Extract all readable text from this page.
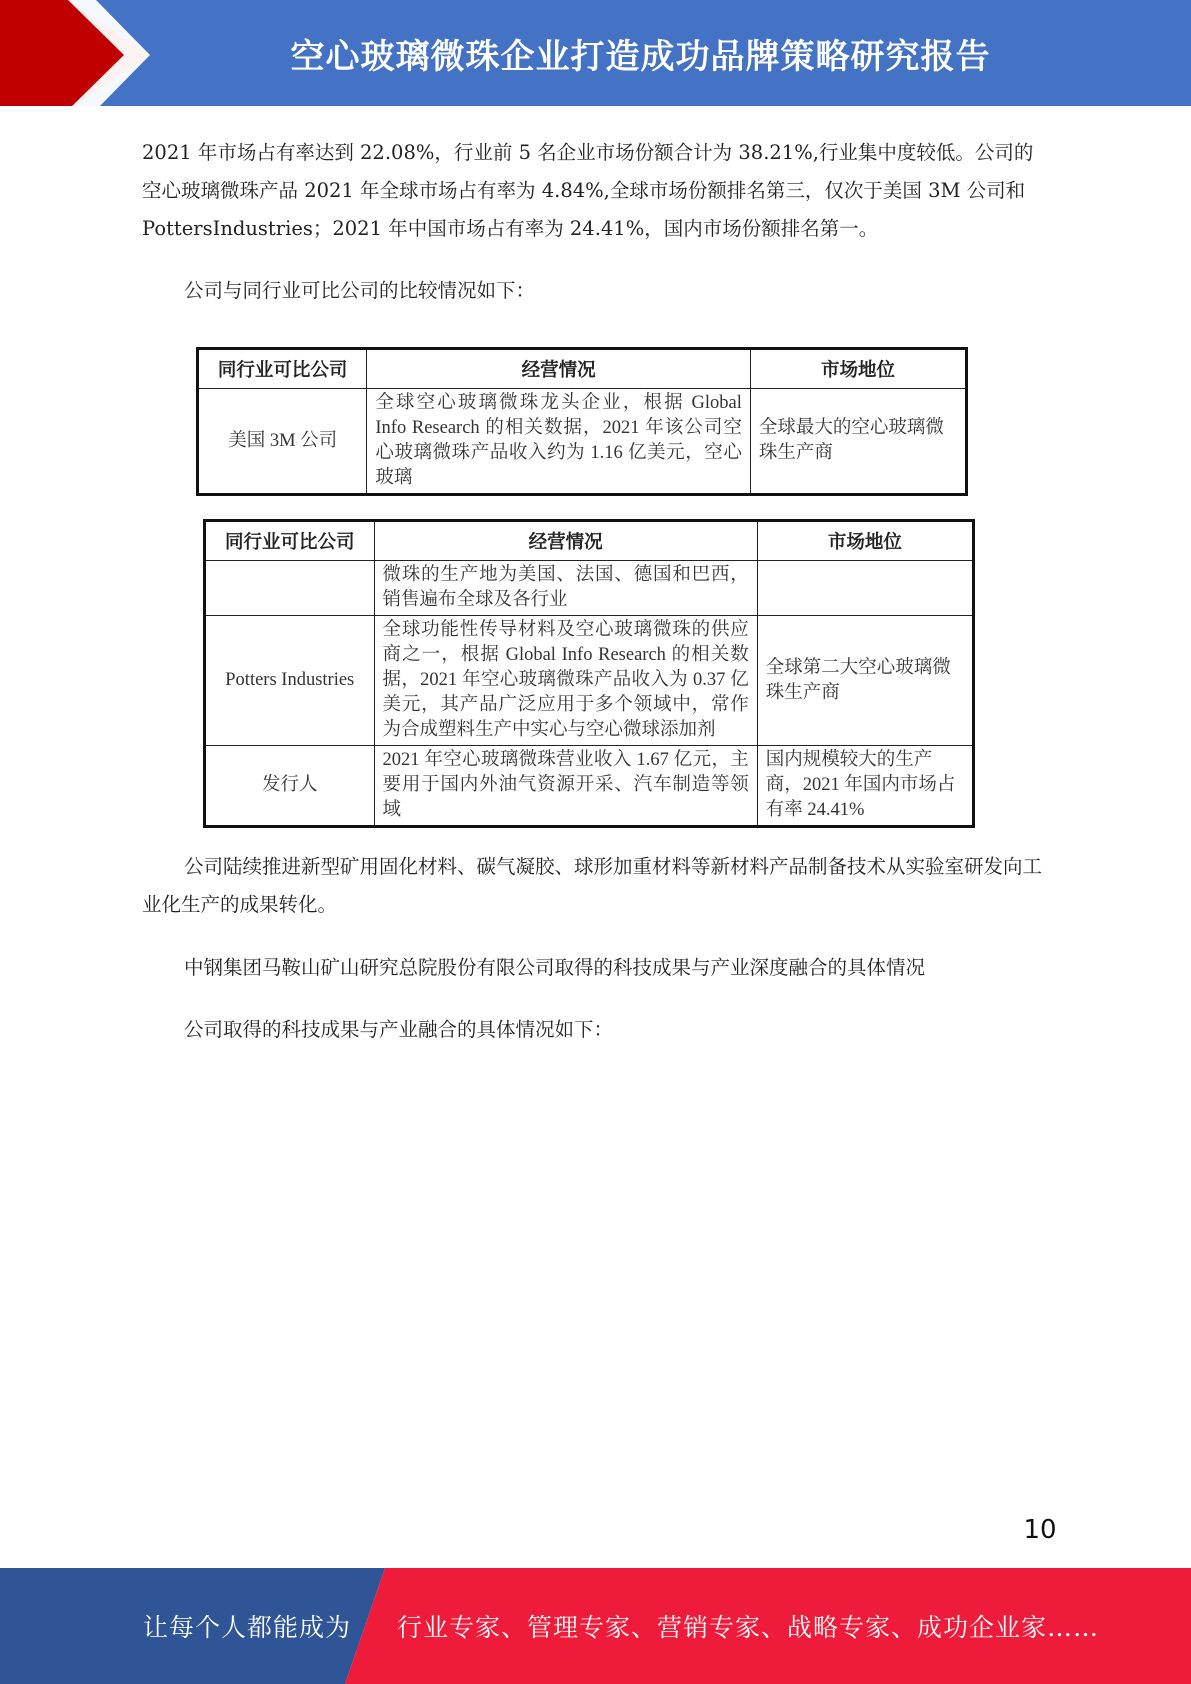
空心玻璃微珠企业打造成功品牌策略研究报告

2021 年市场占有率达到 22.08%，行业前 5 名企业市场份额合计为 38.21%,行业集中度较低。公司的空心玻璃微珠产品 2021 年全球市场占有率为 4.84%,全球市场份额排名第三，仅次于美国 3M 公司和 PottersIndustries；2021 年中国市场占有率为 24.41%，国内市场份额排名第一。

公司与同行业可比公司的比较情况如下：

同行业可比公司	经营情况	市场地位
美国 3M 公司	全球空心玻璃微珠龙头企业，根据 Global Info Research 的相关数据，2021 年该公司空心玻璃微珠产品收入约为 1.16 亿美元，空心玻璃	全球最大的空心玻璃微珠生产商
同行业可比公司	经营情况	市场地位
	微珠的生产地为美国、法国、德国和巴西，销售遍布全球及各行业	
Potters Industries	全球功能性传导材料及空心玻璃微珠的供应商之一，根据 Global Info Research 的相关数据，2021 年空心玻璃微珠产品收入为 0.37 亿美元，其产品广泛应用于多个领域中，常作为合成塑料生产中实心与空心微球添加剂	全球第二大空心玻璃微珠生产商
发行人	2021 年空心玻璃微珠营业收入 1.67 亿元，主要用于国内外油气资源开采、汽车制造等领域	国内规模较大的生产商，2021 年国内市场占有率 24.41%

公司陆续推进新型矿用固化材料、碳气凝胶、球形加重材料等新材料产品制备技术从实验室研发向工业化生产的成果转化。

中钢集团马鞍山矿山研究总院股份有限公司取得的科技成果与产业深度融合的具体情况

公司取得的科技成果与产业融合的具体情况如下：

10
让每个人都能成为 行业专家、管理专家、营销专家、战略专家、成功企业家……
